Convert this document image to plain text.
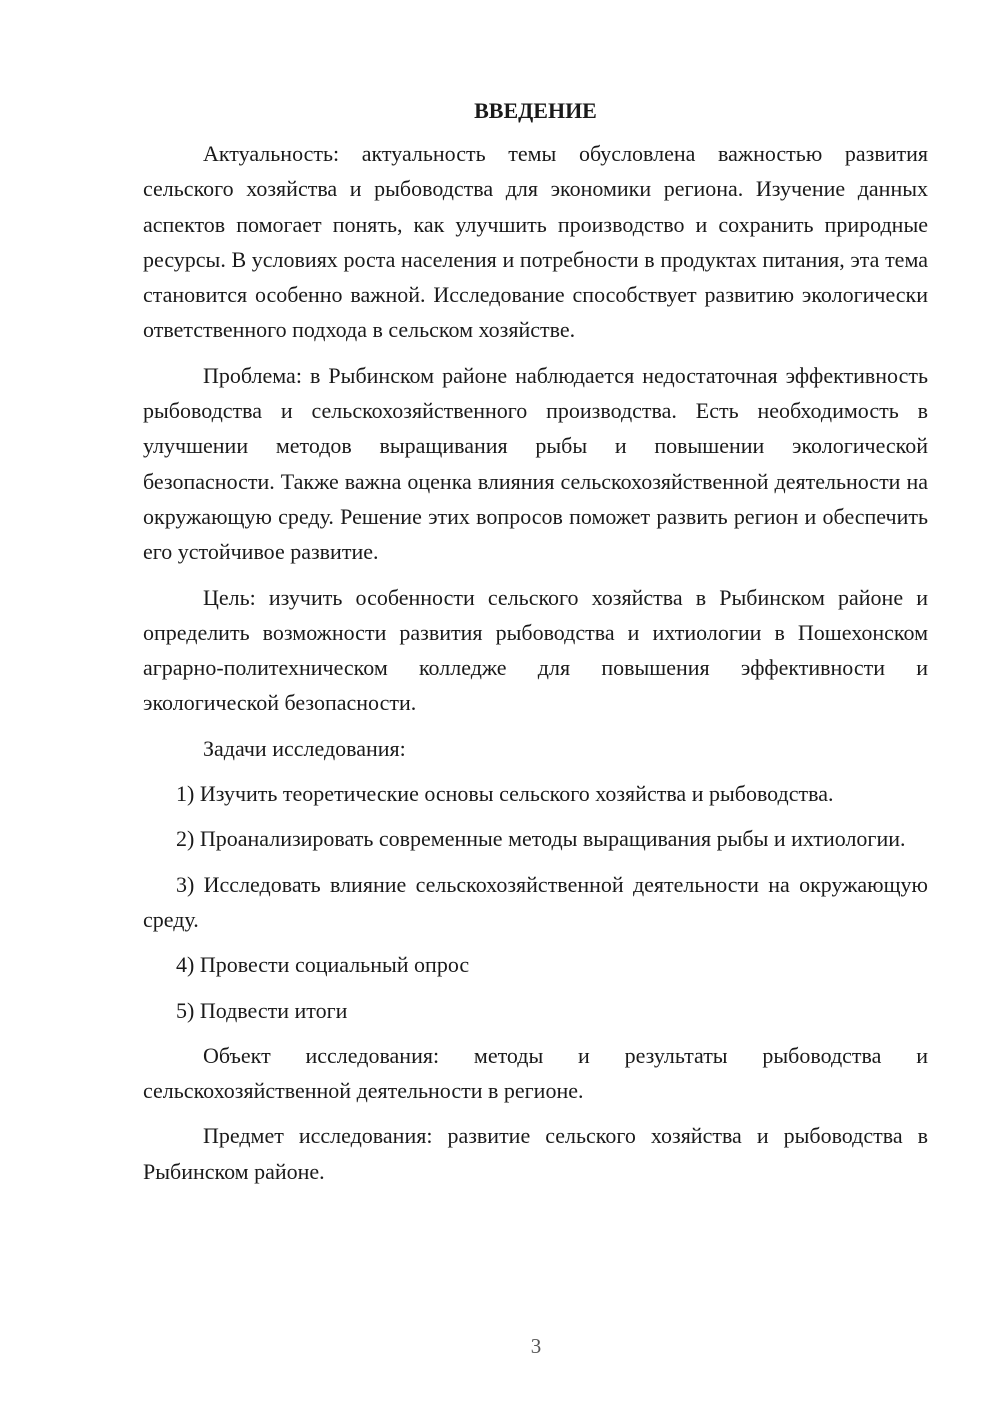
ВВЕДЕНИЕ

Актуальность: актуальность темы обусловлена важностью развития сельского хозяйства и рыбоводства для экономики региона. Изучение данных аспектов помогает понять, как улучшить производство и сохранить природные ресурсы. В условиях роста населения и потребности в продуктах питания, эта тема становится особенно важной. Исследование способствует развитию экологически ответственного подхода в сельском хозяйстве.

Проблема: в Рыбинском районе наблюдается недостаточная эффективность рыбоводства и сельскохозяйственного производства. Есть необходимость в улучшении методов выращивания рыбы и повышении экологической безопасности. Также важна оценка влияния сельскохозяйственной деятельности на окружающую среду. Решение этих вопросов поможет развить регион и обеспечить его устойчивое развитие.

Цель: изучить особенности сельского хозяйства в Рыбинском районе и определить возможности развития рыбоводства и ихтиологии в Пошехонском аграрно-политехническом колледже для повышения эффективности и экологической безопасности.

Задачи исследования:

1) Изучить теоретические основы сельского хозяйства и рыбоводства.

2) Проанализировать современные методы выращивания рыбы и ихтиологии.

3) Исследовать влияние сельскохозяйственной деятельности на окружающую среду.

4) Провести социальный опрос

5) Подвести итоги

Объект исследования: методы и результаты рыбоводства и сельскохозяйственной деятельности в регионе.

Предмет исследования: развитие сельского хозяйства и рыбоводства в Рыбинском районе.

3
